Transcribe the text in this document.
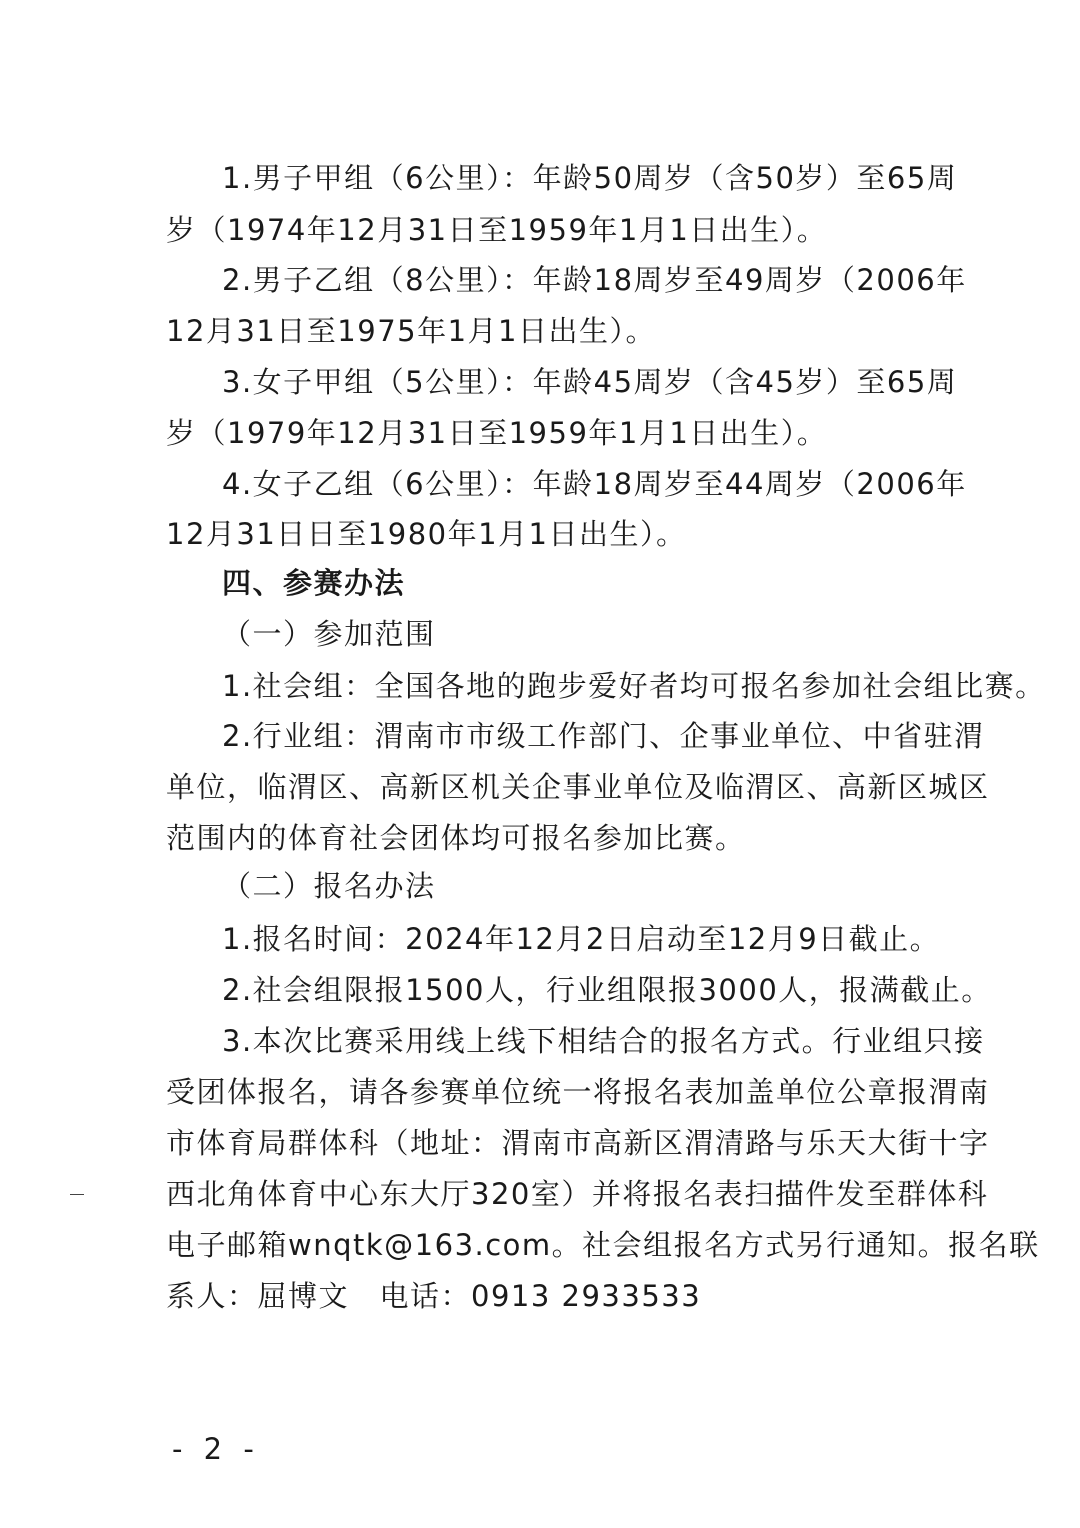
1.男子甲组（6公里）：年龄50周岁（含50岁）至65周
岁（1974年12月31日至1959年1月1日出生）。
2.男子乙组（8公里）：年龄18周岁至49周岁（2006年
12月31日至1975年1月1日出生）。
3.女子甲组（5公里）：年龄45周岁（含45岁）至65周
岁（1979年12月31日至1959年1月1日出生）。
4.女子乙组（6公里）：年龄18周岁至44周岁（2006年
12月31日日至1980年1月1日出生）。
四、参赛办法
（一）参加范围
1.社会组：全国各地的跑步爱好者均可报名参加社会组比赛。
2.行业组：渭南市市级工作部门、企事业单位、中省驻渭
单位，临渭区、高新区机关企事业单位及临渭区、高新区城区
范围内的体育社会团体均可报名参加比赛。
（二）报名办法
1.报名时间：2024年12月2日启动至12月9日截止。
2.社会组限报1500人，行业组限报3000人，报满截止。
3.本次比赛采用线上线下相结合的报名方式。行业组只接
受团体报名，请各参赛单位统一将报名表加盖单位公章报渭南
市体育局群体科（地址：渭南市高新区渭清路与乐天大街十字
西北角体育中心东大厅320室）并将报名表扫描件发至群体科
电子邮箱wnqtk@163.com。社会组报名方式另行通知。报名联
系人：屈博文　电话：0913 2933533
- 2 -
